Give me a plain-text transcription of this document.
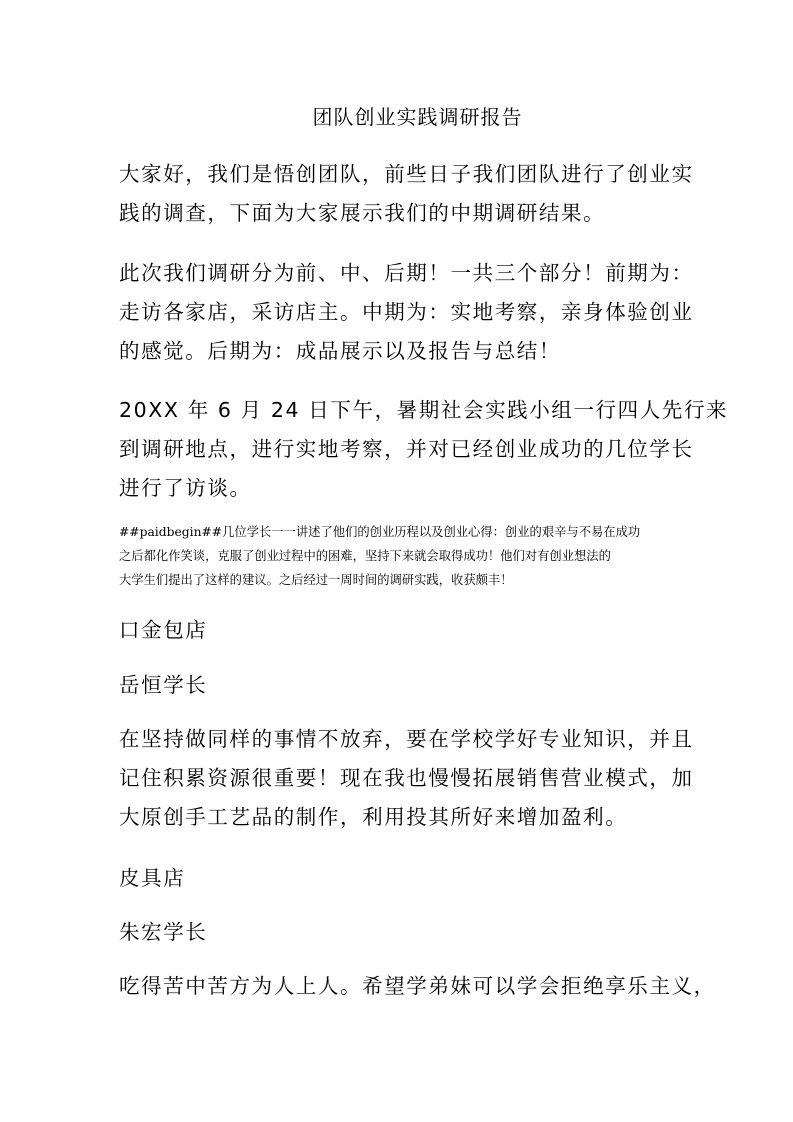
团队创业实践调研报告
大家好，我们是悟创团队，前些日子我们团队进行了创业实
践的调查，下面为大家展示我们的中期调研结果。
此次我们调研分为前、中、后期！一共三个部分！前期为：
走访各家店，采访店主。中期为：实地考察，亲身体验创业
的感觉。后期为：成品展示以及报告与总结！
20XX 年 6 月 24 日下午，暑期社会实践小组一行四人先行来
到调研地点，进行实地考察，并对已经创业成功的几位学长
进行了访谈。
##paidbegin##几位学长一一讲述了他们的创业历程以及创业心得：创业的艰辛与不易在成功
之后都化作笑谈，克服了创业过程中的困难，坚持下来就会取得成功！他们对有创业想法的
大学生们提出了这样的建议。之后经过一周时间的调研实践，收获颇丰！
口金包店
岳恒学长
在坚持做同样的事情不放弃，要在学校学好专业知识，并且
记住积累资源很重要！现在我也慢慢拓展销售营业模式，加
大原创手工艺品的制作，利用投其所好来增加盈利。
皮具店
朱宏学长
吃得苦中苦方为人上人。希望学弟妹可以学会拒绝享乐主义，
